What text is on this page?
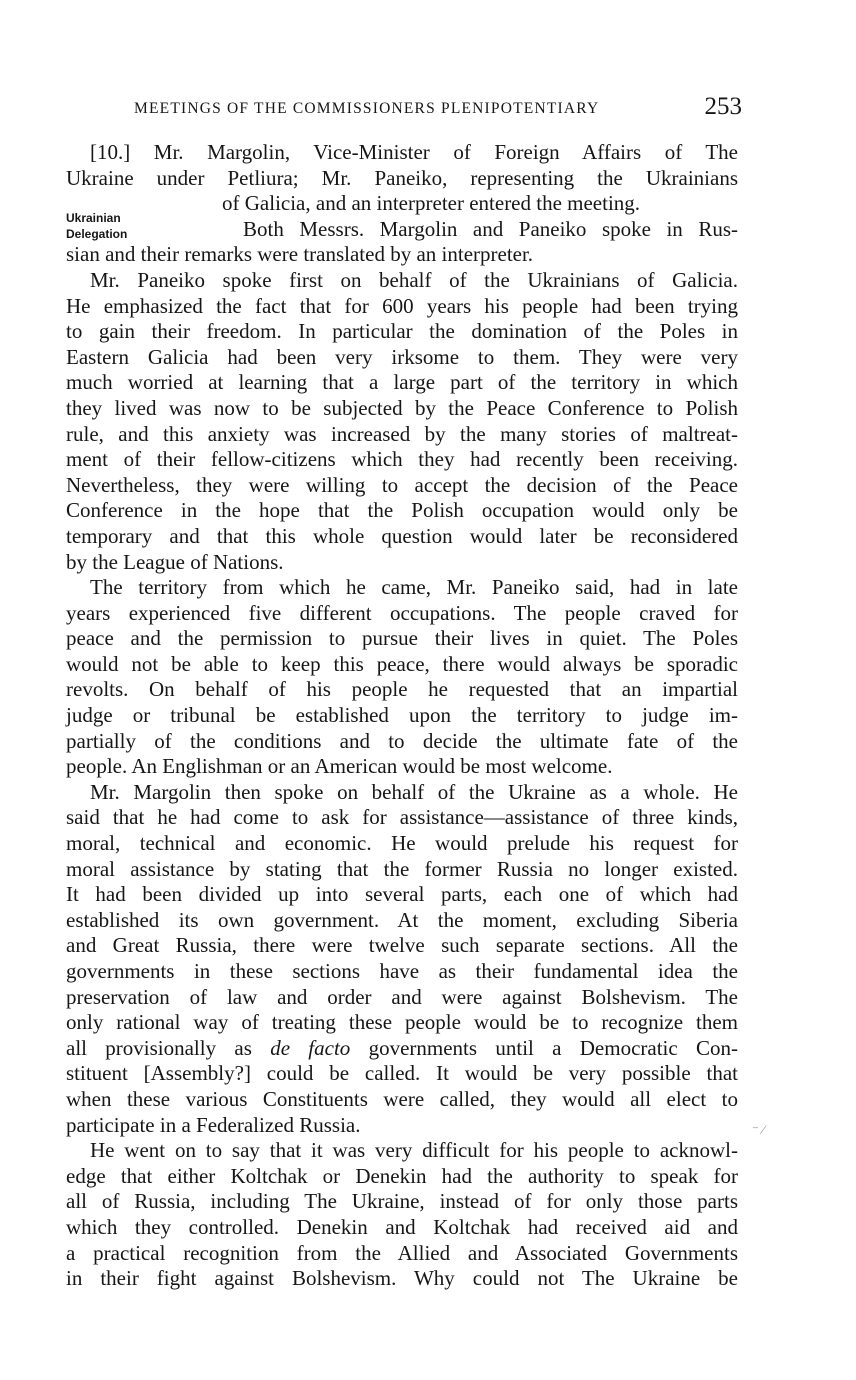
MEETINGS OF THE COMMISSIONERS PLENIPOTENTIARY	253
Ukrainian
Delegation
⁻ ⁄
[10.] Mr. Margolin, Vice-Minister of Foreign Affairs of The
Ukraine under Petliura; Mr. Paneiko, representing the Ukrainians
of Galicia, and an interpreter entered the meeting.
Both Messrs. Margolin and Paneiko spoke in Rus-
sian and their remarks were translated by an interpreter.
Mr. Paneiko spoke first on behalf of the Ukrainians of Galicia.
He emphasized the fact that for 600 years his people had been trying
to gain their freedom. In particular the domination of the Poles in
Eastern Galicia had been very irksome to them. They were very
much worried at learning that a large part of the territory in which
they lived was now to be subjected by the Peace Conference to Polish
rule, and this anxiety was increased by the many stories of maltreat-
ment of their fellow-citizens which they had recently been receiving.
Nevertheless, they were willing to accept the decision of the Peace
Conference in the hope that the Polish occupation would only be
temporary and that this whole question would later be reconsidered
by the League of Nations.
The territory from which he came, Mr. Paneiko said, had in late
years experienced five different occupations. The people craved for
peace and the permission to pursue their lives in quiet. The Poles
would not be able to keep this peace, there would always be sporadic
revolts. On behalf of his people he requested that an impartial
judge or tribunal be established upon the territory to judge im-
partially of the conditions and to decide the ultimate fate of the
people. An Englishman or an American would be most welcome.
Mr. Margolin then spoke on behalf of the Ukraine as a whole. He
said that he had come to ask for assistance—assistance of three kinds,
moral, technical and economic. He would prelude his request for
moral assistance by stating that the former Russia no longer existed.
It had been divided up into several parts, each one of which had
established its own government. At the moment, excluding Siberia
and Great Russia, there were twelve such separate sections. All the
governments in these sections have as their fundamental idea the
preservation of law and order and were against Bolshevism. The
only rational way of treating these people would be to recognize them
all provisionally as de facto governments until a Democratic Con-
stituent [Assembly?] could be called. It would be very possible that
when these various Constituents were called, they would all elect to
participate in a Federalized Russia.
He went on to say that it was very difficult for his people to acknowl-
edge that either Koltchak or Denekin had the authority to speak for
all of Russia, including The Ukraine, instead of for only those parts
which they controlled. Denekin and Koltchak had received aid and
a practical recognition from the Allied and Associated Governments
in their fight against Bolshevism. Why could not The Ukraine be
